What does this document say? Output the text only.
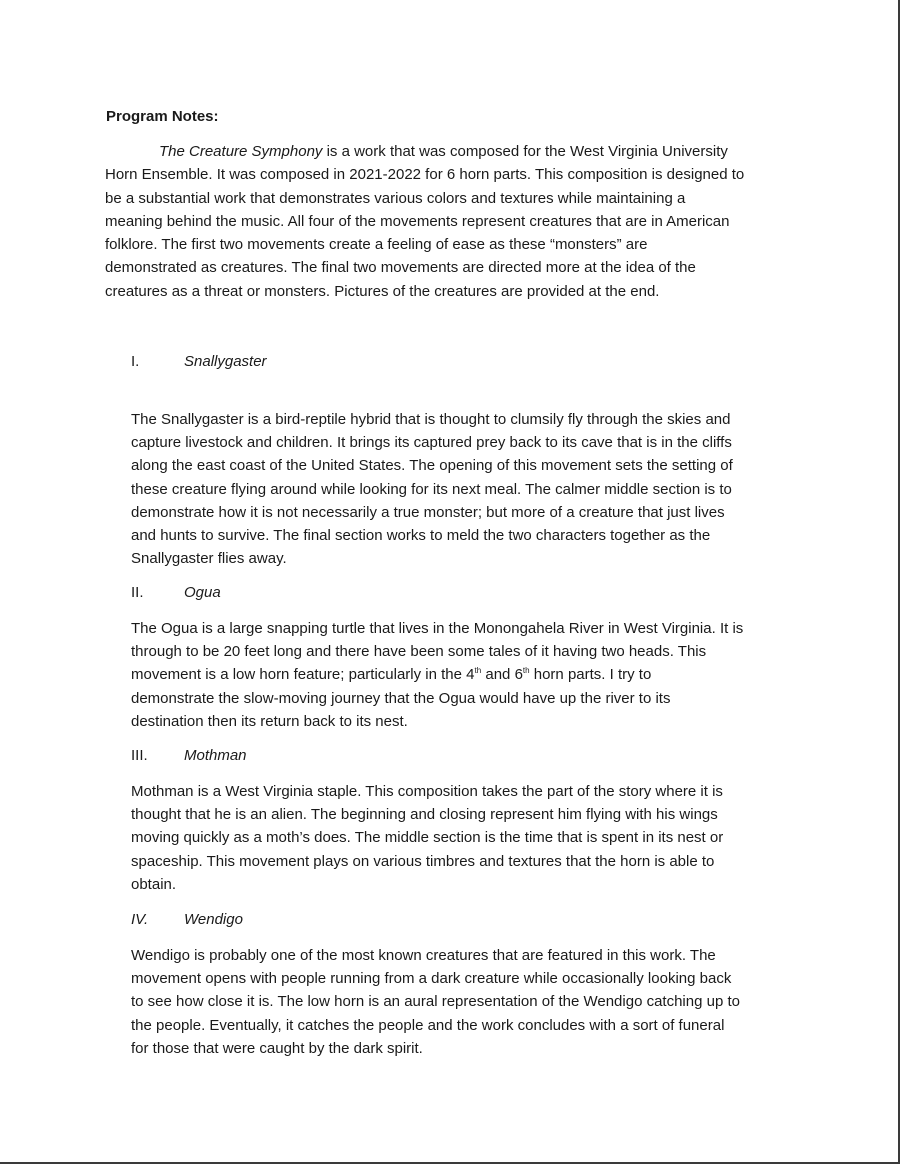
Program Notes:

The Creature Symphony is a work that was composed for the West Virginia University
Horn Ensemble. It was composed in 2021-2022 for 6 horn parts. This composition is designed to
be a substantial work that demonstrates various colors and textures while maintaining a
meaning behind the music. All four of the movements represent creatures that are in American
folklore. The first two movements create a feeling of ease as these “monsters” are
demonstrated as creatures. The final two movements are directed more at the idea of the
creatures as a threat or monsters. Pictures of the creatures are provided at the end.

I.	Snallygaster

The Snallygaster is a bird-reptile hybrid that is thought to clumsily fly through the skies and
capture livestock and children. It brings its captured prey back to its cave that is in the cliffs
along the east coast of the United States. The opening of this movement sets the setting of
these creature flying around while looking for its next meal. The calmer middle section is to
demonstrate how it is not necessarily a true monster; but more of a creature that just lives
and hunts to survive. The final section works to meld the two characters together as the
Snallygaster flies away.

II.	Ogua

The Ogua is a large snapping turtle that lives in the Monongahela River in West Virginia. It is
through to be 20 feet long and there have been some tales of it having two heads. This
movement is a low horn feature; particularly in the 4th and 6th horn parts. I try to
demonstrate the slow-moving journey that the Ogua would have up the river to its
destination then its return back to its nest.

III. Mothman

Mothman is a West Virginia staple. This composition takes the part of the story where it is
thought that he is an alien. The beginning and closing represent him flying with his wings
moving quickly as a moth’s does. The middle section is the time that is spent in its nest or
spaceship. This movement plays on various timbres and textures that the horn is able to
obtain.

IV. Wendigo

Wendigo is probably one of the most known creatures that are featured in this work. The
movement opens with people running from a dark creature while occasionally looking back
to see how close it is. The low horn is an aural representation of the Wendigo catching up to
the people. Eventually, it catches the people and the work concludes with a sort of funeral
for those that were caught by the dark spirit.
